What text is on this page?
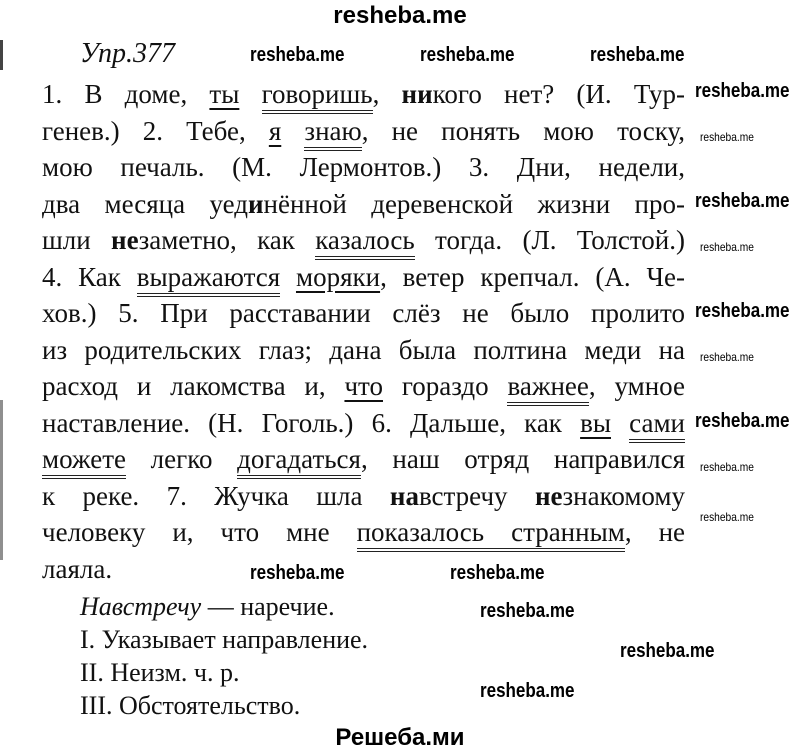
resheba.me
Упр.377
1. В доме, ты говоришь, никого нет? (И. Тур-
генев.) 2. Тебе, я знаю, не понять мою тоску,
мою печаль. (М. Лермонтов.) 3. Дни, недели,
два месяца уединённой деревенской жизни про-
шли незаметно, как казалось тогда. (Л. Толстой.)
4. Как выражаются моряки, ветер крепчал. (А. Че-
хов.) 5. При расставании слёз не было пролито
из родительских глаз; дана была полтина меди на
расход и лакомства и, что гораздо важнее, умное
наставление. (Н. Гоголь.) 6. Дальше, как вы сами
можете легко догадаться, наш отряд направился
к реке. 7. Жучка шла навстречу незнакомому
человеку и, что мне показалось странным, не
лаяла.
Навстречу — наречие.
I. Указывает направление.
II. Неизм. ч. р.
III. Обстоятельство.
Решеба.ми
resheba.me	resheba.me	resheba.me
resheba.me
resheba.me
resheba.me
resheba.me
resheba.me
resheba.me
resheba.me
resheba.me
resheba.me
resheba.me	resheba.me
resheba.me
resheba.me
resheba.me
